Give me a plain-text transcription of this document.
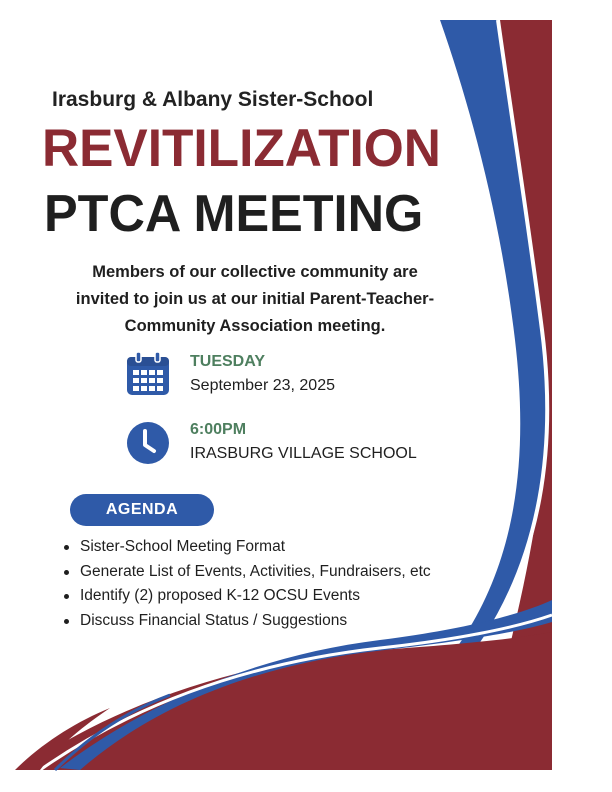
Irasburg & Albany Sister-School
REVITILIZATION
PTCA MEETING
Members of our collective community are
invited to join us at our initial Parent-Teacher-
Community Association meeting.
TUESDAY
September 23, 2025
6:00PM
IRASBURG VILLAGE SCHOOL
AGENDA
Sister-School Meeting Format
Generate List of Events, Activities, Fundraisers, etc
Identify (2) proposed K-12 OCSU Events
Discuss Financial Status / Suggestions
